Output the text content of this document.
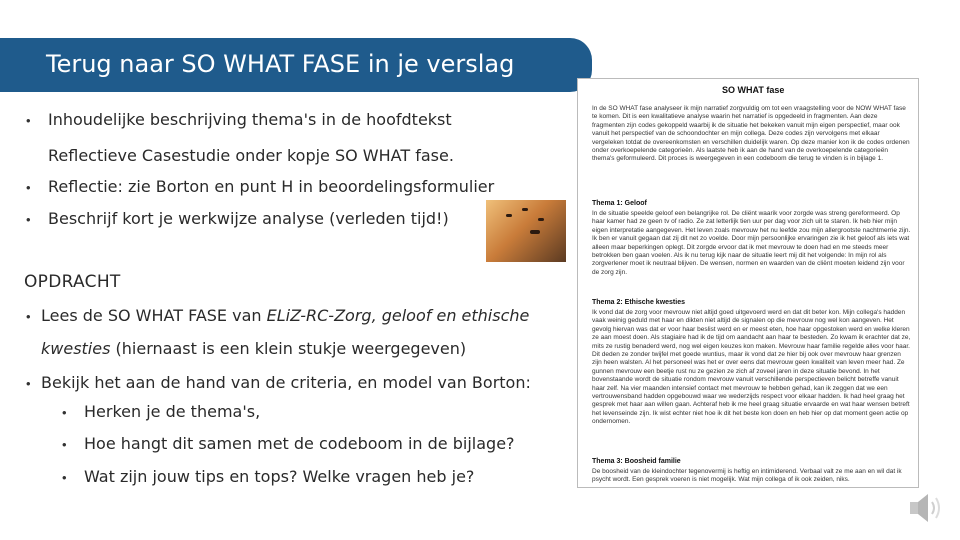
Terug naar SO WHAT FASE in je verslag
• Inhoudelijke beschrijving thema's in de hoofdtekst
Reflectieve Casestudie onder kopje SO WHAT fase.
• Reflectie: zie Borton en punt H in beoordelingsformulier
• Beschrijf kort je werkwijze analyse (verleden tijd!)
OPDRACHT
• Lees de SO WHAT FASE van ELiZ-RC-Zorg, geloof en ethische
kwesties (hiernaast is een klein stukje weergegeven)
• Bekijk het aan de hand van de criteria, en model van Borton:
• Herken je de thema's,
• Hoe hangt dit samen met de codeboom in de bijlage?
• Wat zijn jouw tips en tops? Welke vragen heb je?
SO WHAT fase
In de SO WHAT fase analyseer ik mijn narratief zorgvuldig om tot een vraagstelling voor de NOW WHAT fase te komen. Dit is een kwalitatieve analyse waarin het narratief is opgedeeld in fragmenten. Aan deze fragmenten zijn codes gekoppeld waarbij ik de situatie het bekeken vanuit mijn eigen perspectief, maar ook vanuit het perspectief van de schoondochter en mijn collega. Deze codes zijn vervolgens met elkaar vergeleken totdat de overeenkomsten en verschillen duidelijk waren. Op deze manier kon ik de codes ordenen onder overkoepelende categorieën. Als laatste heb ik aan de hand van de overkoepelende categorieën thema's geformuleerd. Dit proces is weergegeven in een codeboom die terug te vinden is in bijlage 1.
Thema 1: Geloof
In de situatie speelde geloof een belangrijke rol. De cliënt waarik voor zorgde was streng gereformeerd. Op haar kamer had ze geen tv of radio. Ze zat letterlijk tien uur per dag voor zich uit te staren. Ik heb hier mijn eigen interpretatie aangegeven. Het leven zoals mevrouw het nu leefde zou mijn allergrootste nachtmerrie zijn. Ik ben er vanuit gegaan dat zij dit net zo voelde. Door mijn persoonlijke ervaringen zie ik het geloof als iets wat alleen maar beperkingen oplegt. Dit zorgde ervoor dat ik met mevrouw te doen had en me steeds meer betrokken ben gaan voelen. Als ik nu terug kijk naar de situatie leert mij dit het volgende: In mijn rol als zorgverlener moet ik neutraal blijven. De wensen, normen en waarden van de cliënt moeten leidend zijn voor de zorg zijn.
Thema 2: Ethische kwesties
Ik vond dat de zorg voor mevrouw niet altijd goed uitgevoerd werd en dat dit beter kon. Mijn collega's hadden vaak weinig geduld met haar en dikten niet altijd de signalen op die mevrouw nog wel kon aangeven. Het gevolg hiervan was dat er voor haar beslist werd en er meest eten, hoe haar opgestoken werd en welke kleren ze aan moest doen. Als stagiaire had ik de tijd om aandacht aan haar te besteden. Zo kwam ik erachter dat ze, mits ze rustig benaderd werd, nog wel eigen keuzes kon maken. Mevrouw haar familie regelde alles voor haar. Dit deden ze zonder twijfel met goede wuntius, maar ik vond dat ze hier bij ook over mevrouw haar grenzen zijn heen walsten. Al het personeel was het er over eens dat mevrouw geen kwaliteit van leven meer had. Ze gunnen mevrouw een beetje rust nu ze gezien ze zich af zoveel jaren in deze situatie bevond. In het bovenstaande wordt de situatie rondom mevrouw vanuit verschillende perspectieven belicht betreffe vanuit haar zelf. Na vier maanden intensief contact met mevrouw te hebben gehad, kan ik zeggen dat we een vertrouwensband hadden opgebouwd waar we wederzijds respect voor elkaar hadden. Ik had heel graag het gesprek met haar aan willen gaan. Achteraf heb ik me heel graag situatie ervaarde en wat haar wensen betreft het levenseinde zijn. Ik wist echter niet hoe ik dit het beste kon doen en heb hier op dat moment geen actie op ondernomen.
Thema 3: Boosheid familie
De boosheid van de kleindochter tegenovermij is heftig en intimiderend. Verbaal valt ze me aan en wil dat ik psycht wordt. Een gesprek voeren is niet mogelijk. Wat mijn collega of ik ook zeiden, niks.
